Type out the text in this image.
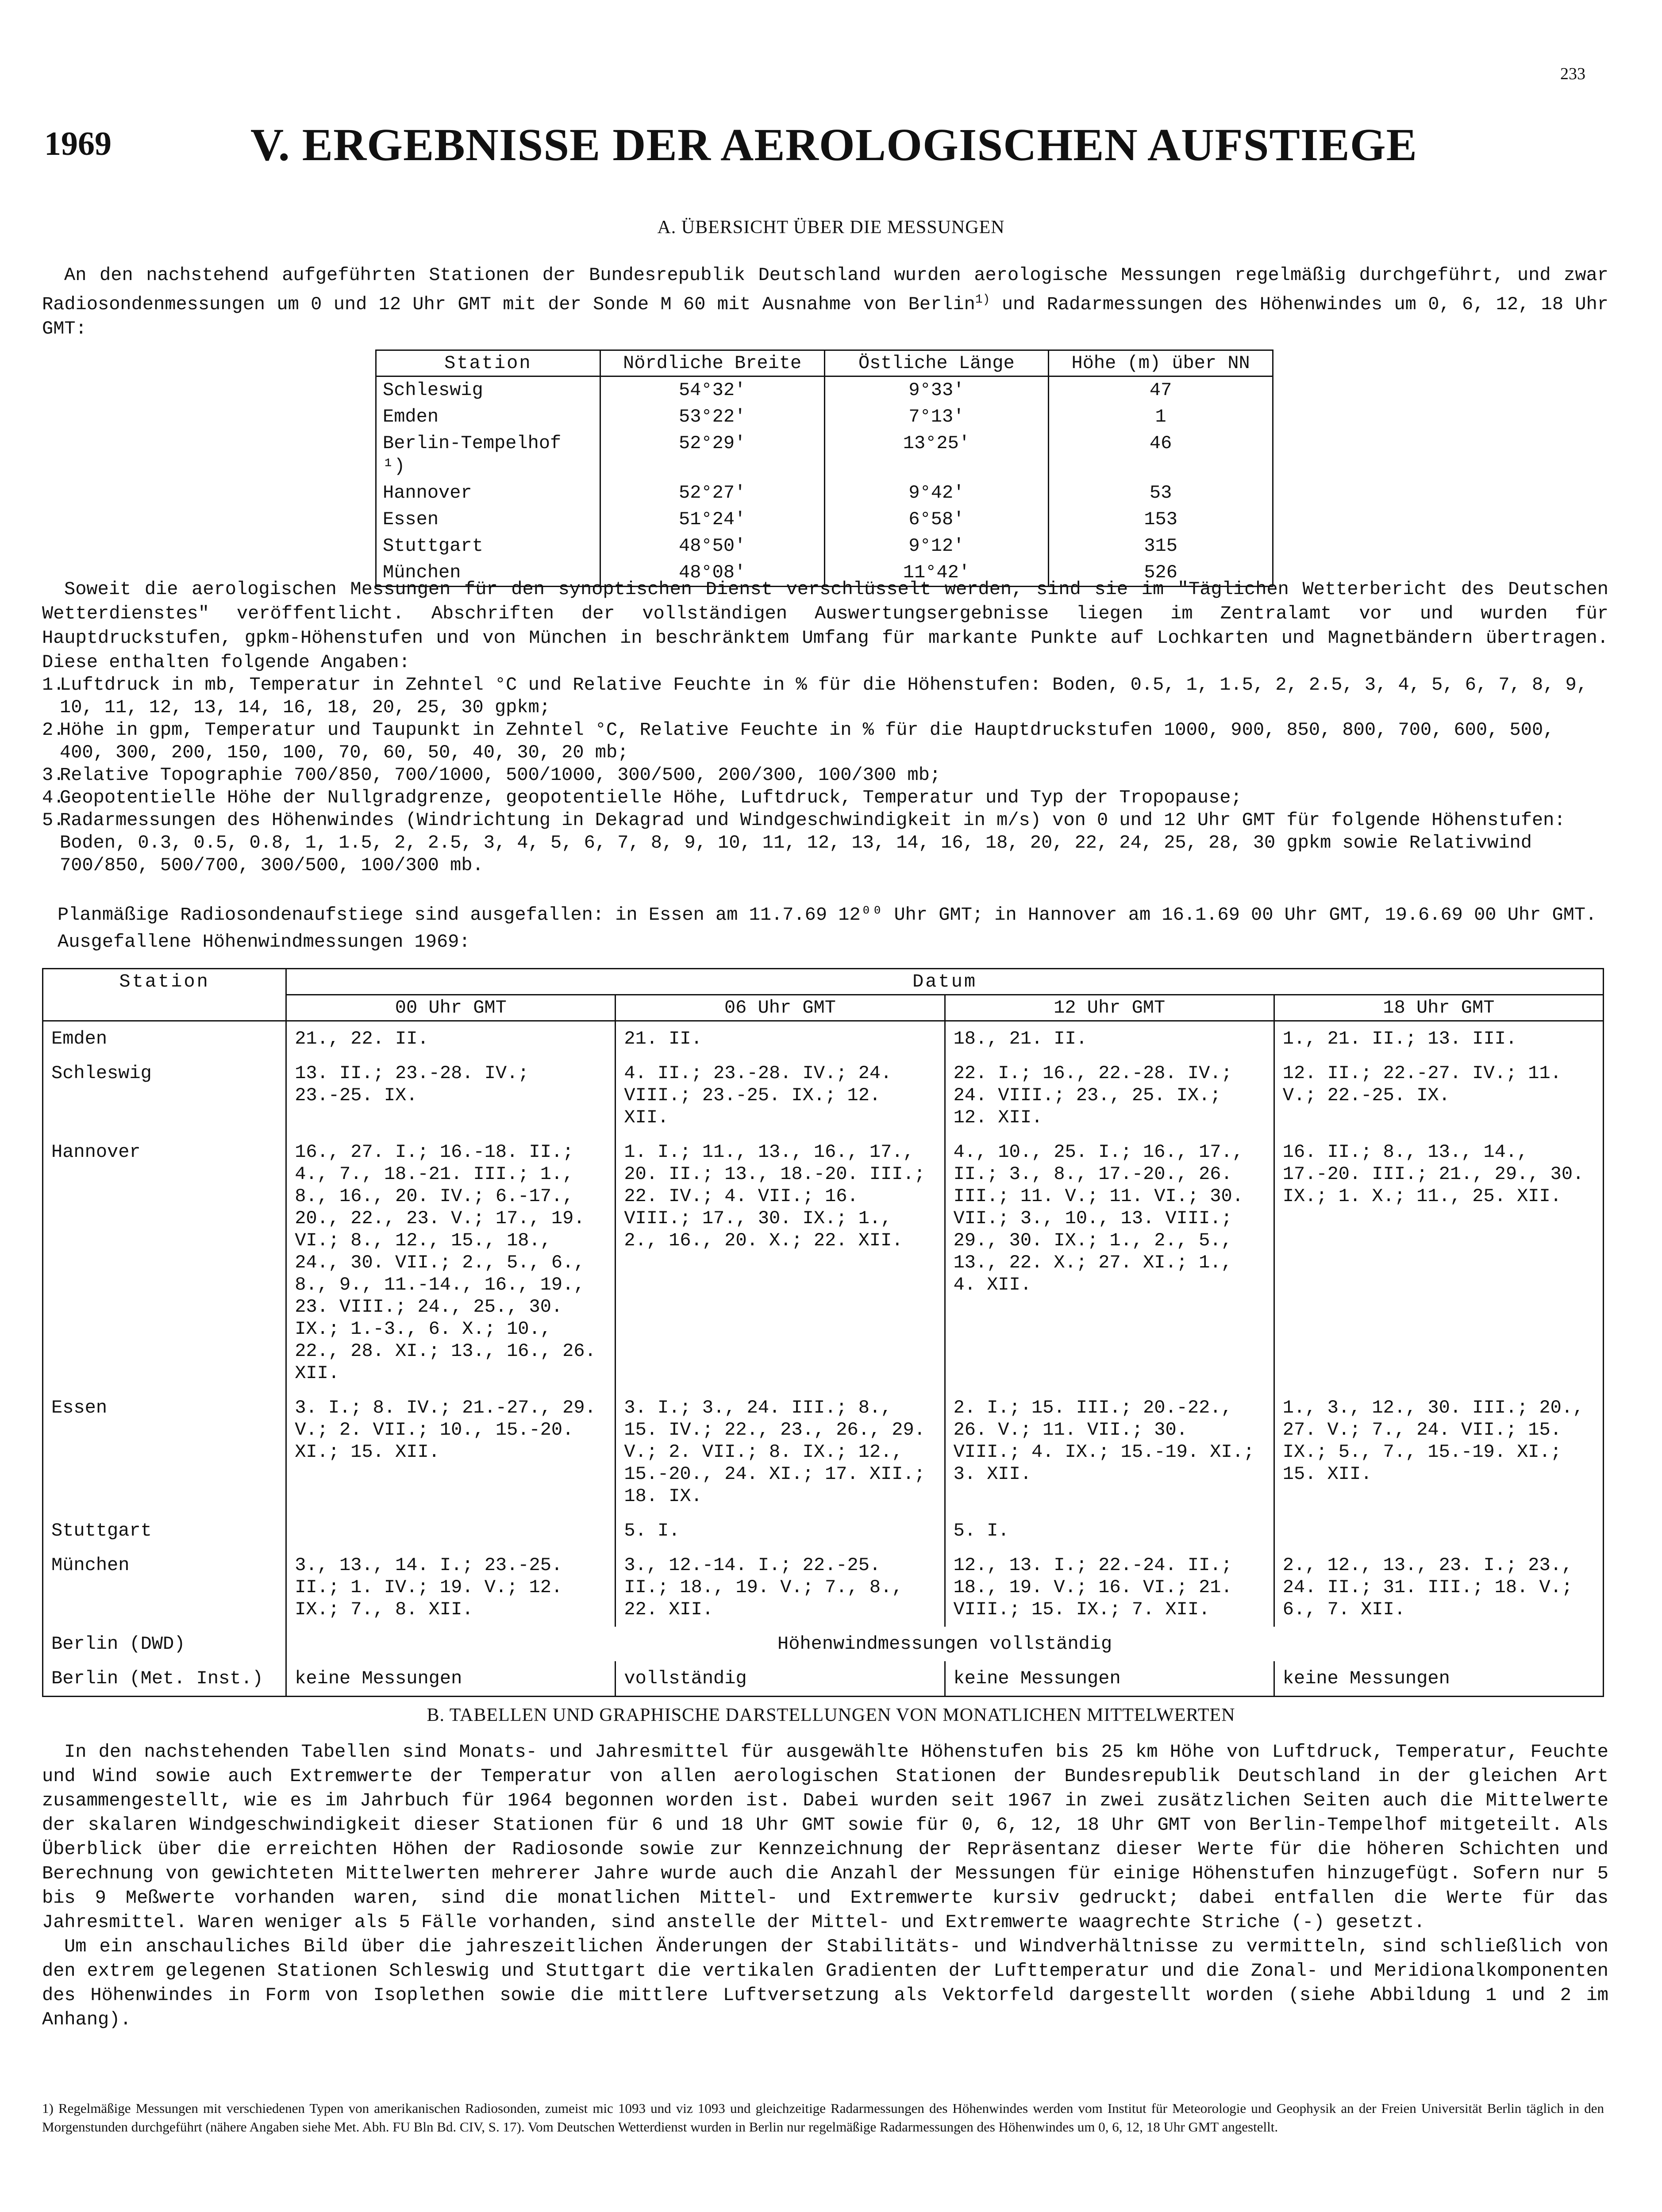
233
1969	V. ERGEBNISSE DER AEROLOGISCHEN AUFSTIEGE
A. ÜBERSICHT ÜBER DIE MESSUNGEN

An den nachstehend aufgeführten Stationen der Bundesrepublik Deutschland wurden aerologische Messungen regelmäßig durchgeführt, und zwar Radiosondenmessungen um 0 und 12 Uhr GMT mit der Sonde M 60 mit Ausnahme von Berlin$^{1)}$ und Radarmessungen des Höhenwindes um 0, 6, 12, 18 Uhr GMT:

Station	Nördliche Breite	Östliche Länge	Höhe (m) über NN
Schleswig	54°32'	9°33'	47
Emden	53°22'	7°13'	1
Berlin-Tempelhof ¹)	52°29'	13°25'	46
Hannover	52°27'	9°42'	53
Essen	51°24'	6°58'	153
Stuttgart	48°50'	9°12'	315
München	48°08'	11°42'	526

Soweit die aerologischen Messungen für den synoptischen Dienst verschlüsselt werden, sind sie im "Täglichen Wetterbericht des Deutschen Wetterdienstes" veröffentlicht. Abschriften der vollständigen Auswertungsergebnisse liegen im Zentralamt vor und wurden für Hauptdruckstufen, gpkm-Höhenstufen und von München in beschränktem Umfang für markante Punkte auf Lochkarten und Magnetbändern übertragen. Diese enthalten folgende Angaben:

1.
Luftdruck in mb, Temperatur in Zehntel °C und Relative Feuchte in % für die Höhenstufen: Boden, 0.5, 1, 1.5, 2, 2.5, 3, 4, 5, 6, 7, 8, 9, 10, 11, 12, 13, 14, 16, 18, 20, 25, 30 gpkm;
2.
Höhe in gpm, Temperatur und Taupunkt in Zehntel °C, Relative Feuchte in % für die Hauptdruckstufen 1000, 900, 850, 800, 700, 600, 500, 400, 300, 200, 150, 100, 70, 60, 50, 40, 30, 20 mb;
3.
Relative Topographie 700/850, 700/1000, 500/1000, 300/500, 200/300, 100/300 mb;
4.
Geopotentielle Höhe der Nullgradgrenze, geopotentielle Höhe, Luftdruck, Temperatur und Typ der Tropopause;
5.
Radarmessungen des Höhenwindes (Windrichtung in Dekagrad und Windgeschwindigkeit in m/s) von 0 und 12 Uhr GMT für folgende Höhenstufen: Boden, 0.3, 0.5, 0.8, 1, 1.5, 2, 2.5, 3, 4, 5, 6, 7, 8, 9, 10, 11, 12, 13, 14, 16, 18, 20, 22, 24, 25, 28, 30 gpkm sowie Relativwind 700/850, 500/700, 300/500, 100/300 mb.
Planmäßige Radiosondenaufstiege sind ausgefallen: in Essen am 11.7.69 12⁰⁰ Uhr GMT; in Hannover am 16.1.69 00 Uhr GMT, 19.6.69 00 Uhr GMT.
Ausgefallene Höhenwindmessungen 1969:
Station	Datum			
	00 Uhr GMT	06 Uhr GMT	12 Uhr GMT	18 Uhr GMT
Emden	21., 22. II.	21. II.	18., 21. II.	1., 21. II.; 13. III.
Schleswig	13. II.; 23.-28. IV.; 23.-25. IX.	4. II.; 23.-28. IV.; 24. VIII.; 23.-25. IX.; 12. XII.	22. I.; 16., 22.-28. IV.; 24. VIII.; 23., 25. IX.; 12. XII.	12. II.; 22.-27. IV.; 11. V.; 22.-25. IX.
Hannover	16., 27. I.; 16.-18. II.; 4., 7., 18.-21. III.; 1., 8., 16., 20. IV.; 6.-17., 20., 22., 23. V.; 17., 19. VI.; 8., 12., 15., 18., 24., 30. VII.; 2., 5., 6., 8., 9., 11.-14., 16., 19., 23. VIII.; 24., 25., 30. IX.; 1.-3., 6. X.; 10., 22., 28. XI.; 13., 16., 26. XII.	1. I.; 11., 13., 16., 17., 20. II.; 13., 18.-20. III.; 22. IV.; 4. VII.; 16. VIII.; 17., 30. IX.; 1., 2., 16., 20. X.; 22. XII.	4., 10., 25. I.; 16., 17., II.; 3., 8., 17.-20., 26. III.; 11. V.; 11. VI.; 30. VII.; 3., 10., 13. VIII.; 29., 30. IX.; 1., 2., 5., 13., 22. X.; 27. XI.; 1., 4. XII.	16. II.; 8., 13., 14., 17.-20. III.; 21., 29., 30. IX.; 1. X.; 11., 25. XII.
Essen	3. I.; 8. IV.; 21.-27., 29. V.; 2. VII.; 10., 15.-20. XI.; 15. XII.	3. I.; 3., 24. III.; 8., 15. IV.; 22., 23., 26., 29. V.; 2. VII.; 8. IX.; 12., 15.-20., 24. XI.; 17. XII.; 18. IX.	2. I.; 15. III.; 20.-22., 26. V.; 11. VII.; 30. VIII.; 4. IX.; 15.-19. XI.; 3. XII.	1., 3., 12., 30. III.; 20., 27. V.; 7., 24. VII.; 15. IX.; 5., 7., 15.-19. XI.; 15. XII.
Stuttgart		5. I.	5. I.	
München	3., 13., 14. I.; 23.-25. II.; 1. IV.; 19. V.; 12. IX.; 7., 8. XII.	3., 12.-14. I.; 22.-25. II.; 18., 19. V.; 7., 8., 22. XII.	12., 13. I.; 22.-24. II.; 18., 19. V.; 16. VI.; 21. VIII.; 15. IX.; 7. XII.	2., 12., 13., 23. I.; 23., 24. II.; 31. III.; 18. V.; 6., 7. XII.
Berlin (DWD)	Höhenwindmessungen vollständig			
Berlin (Met. Inst.)	keine Messungen	vollständig	keine Messungen	keine Messungen
B. TABELLEN UND GRAPHISCHE DARSTELLUNGEN VON MONATLICHEN MITTELWERTEN

In den nachstehenden Tabellen sind Monats- und Jahresmittel für ausgewählte Höhenstufen bis 25 km Höhe von Luftdruck, Temperatur, Feuchte und Wind sowie auch Extremwerte der Temperatur von allen aerologischen Stationen der Bundesrepublik Deutschland in der gleichen Art zusammengestellt, wie es im Jahrbuch für 1964 begonnen worden ist. Dabei wurden seit 1967 in zwei zusätzlichen Seiten auch die Mittelwerte der skalaren Windgeschwindigkeit dieser Stationen für 6 und 18 Uhr GMT sowie für 0, 6, 12, 18 Uhr GMT von Berlin-Tempelhof mitgeteilt. Als Überblick über die erreichten Höhen der Radiosonde sowie zur Kennzeichnung der Repräsentanz dieser Werte für die höheren Schichten und Berechnung von gewichteten Mittelwerten mehrerer Jahre wurde auch die Anzahl der Messungen für einige Höhenstufen hinzugefügt. Sofern nur 5 bis 9 Meßwerte vorhanden waren, sind die monatlichen Mittel- und Extremwerte kursiv gedruckt; dabei entfallen die Werte für das Jahresmittel. Waren weniger als 5 Fälle vorhanden, sind anstelle der Mittel- und Extremwerte waagrechte Striche (-) gesetzt.

Um ein anschauliches Bild über die jahreszeitlichen Änderungen der Stabilitäts- und Windverhältnisse zu vermitteln, sind schließlich von den extrem gelegenen Stationen Schleswig und Stuttgart die vertikalen Gradienten der Lufttemperatur und die Zonal- und Meridionalkomponenten des Höhenwindes in Form von Isoplethen sowie die mittlere Luftversetzung als Vektorfeld dargestellt worden (siehe Abbildung 1 und 2 im Anhang).

1) Regelmäßige Messungen mit verschiedenen Typen von amerikanischen Radiosonden, zumeist mic 1093 und viz 1093 und gleichzeitige Radarmessungen des Höhenwindes werden vom Institut für Meteorologie und Geophysik an der Freien Universität Berlin täglich in den Morgenstunden durchgeführt (nähere Angaben siehe Met. Abh. FU Bln Bd. CIV, S. 17). Vom Deutschen Wetterdienst wurden in Berlin nur regelmäßige Radarmessungen des Höhenwindes um 0, 6, 12, 18 Uhr GMT angestellt.
